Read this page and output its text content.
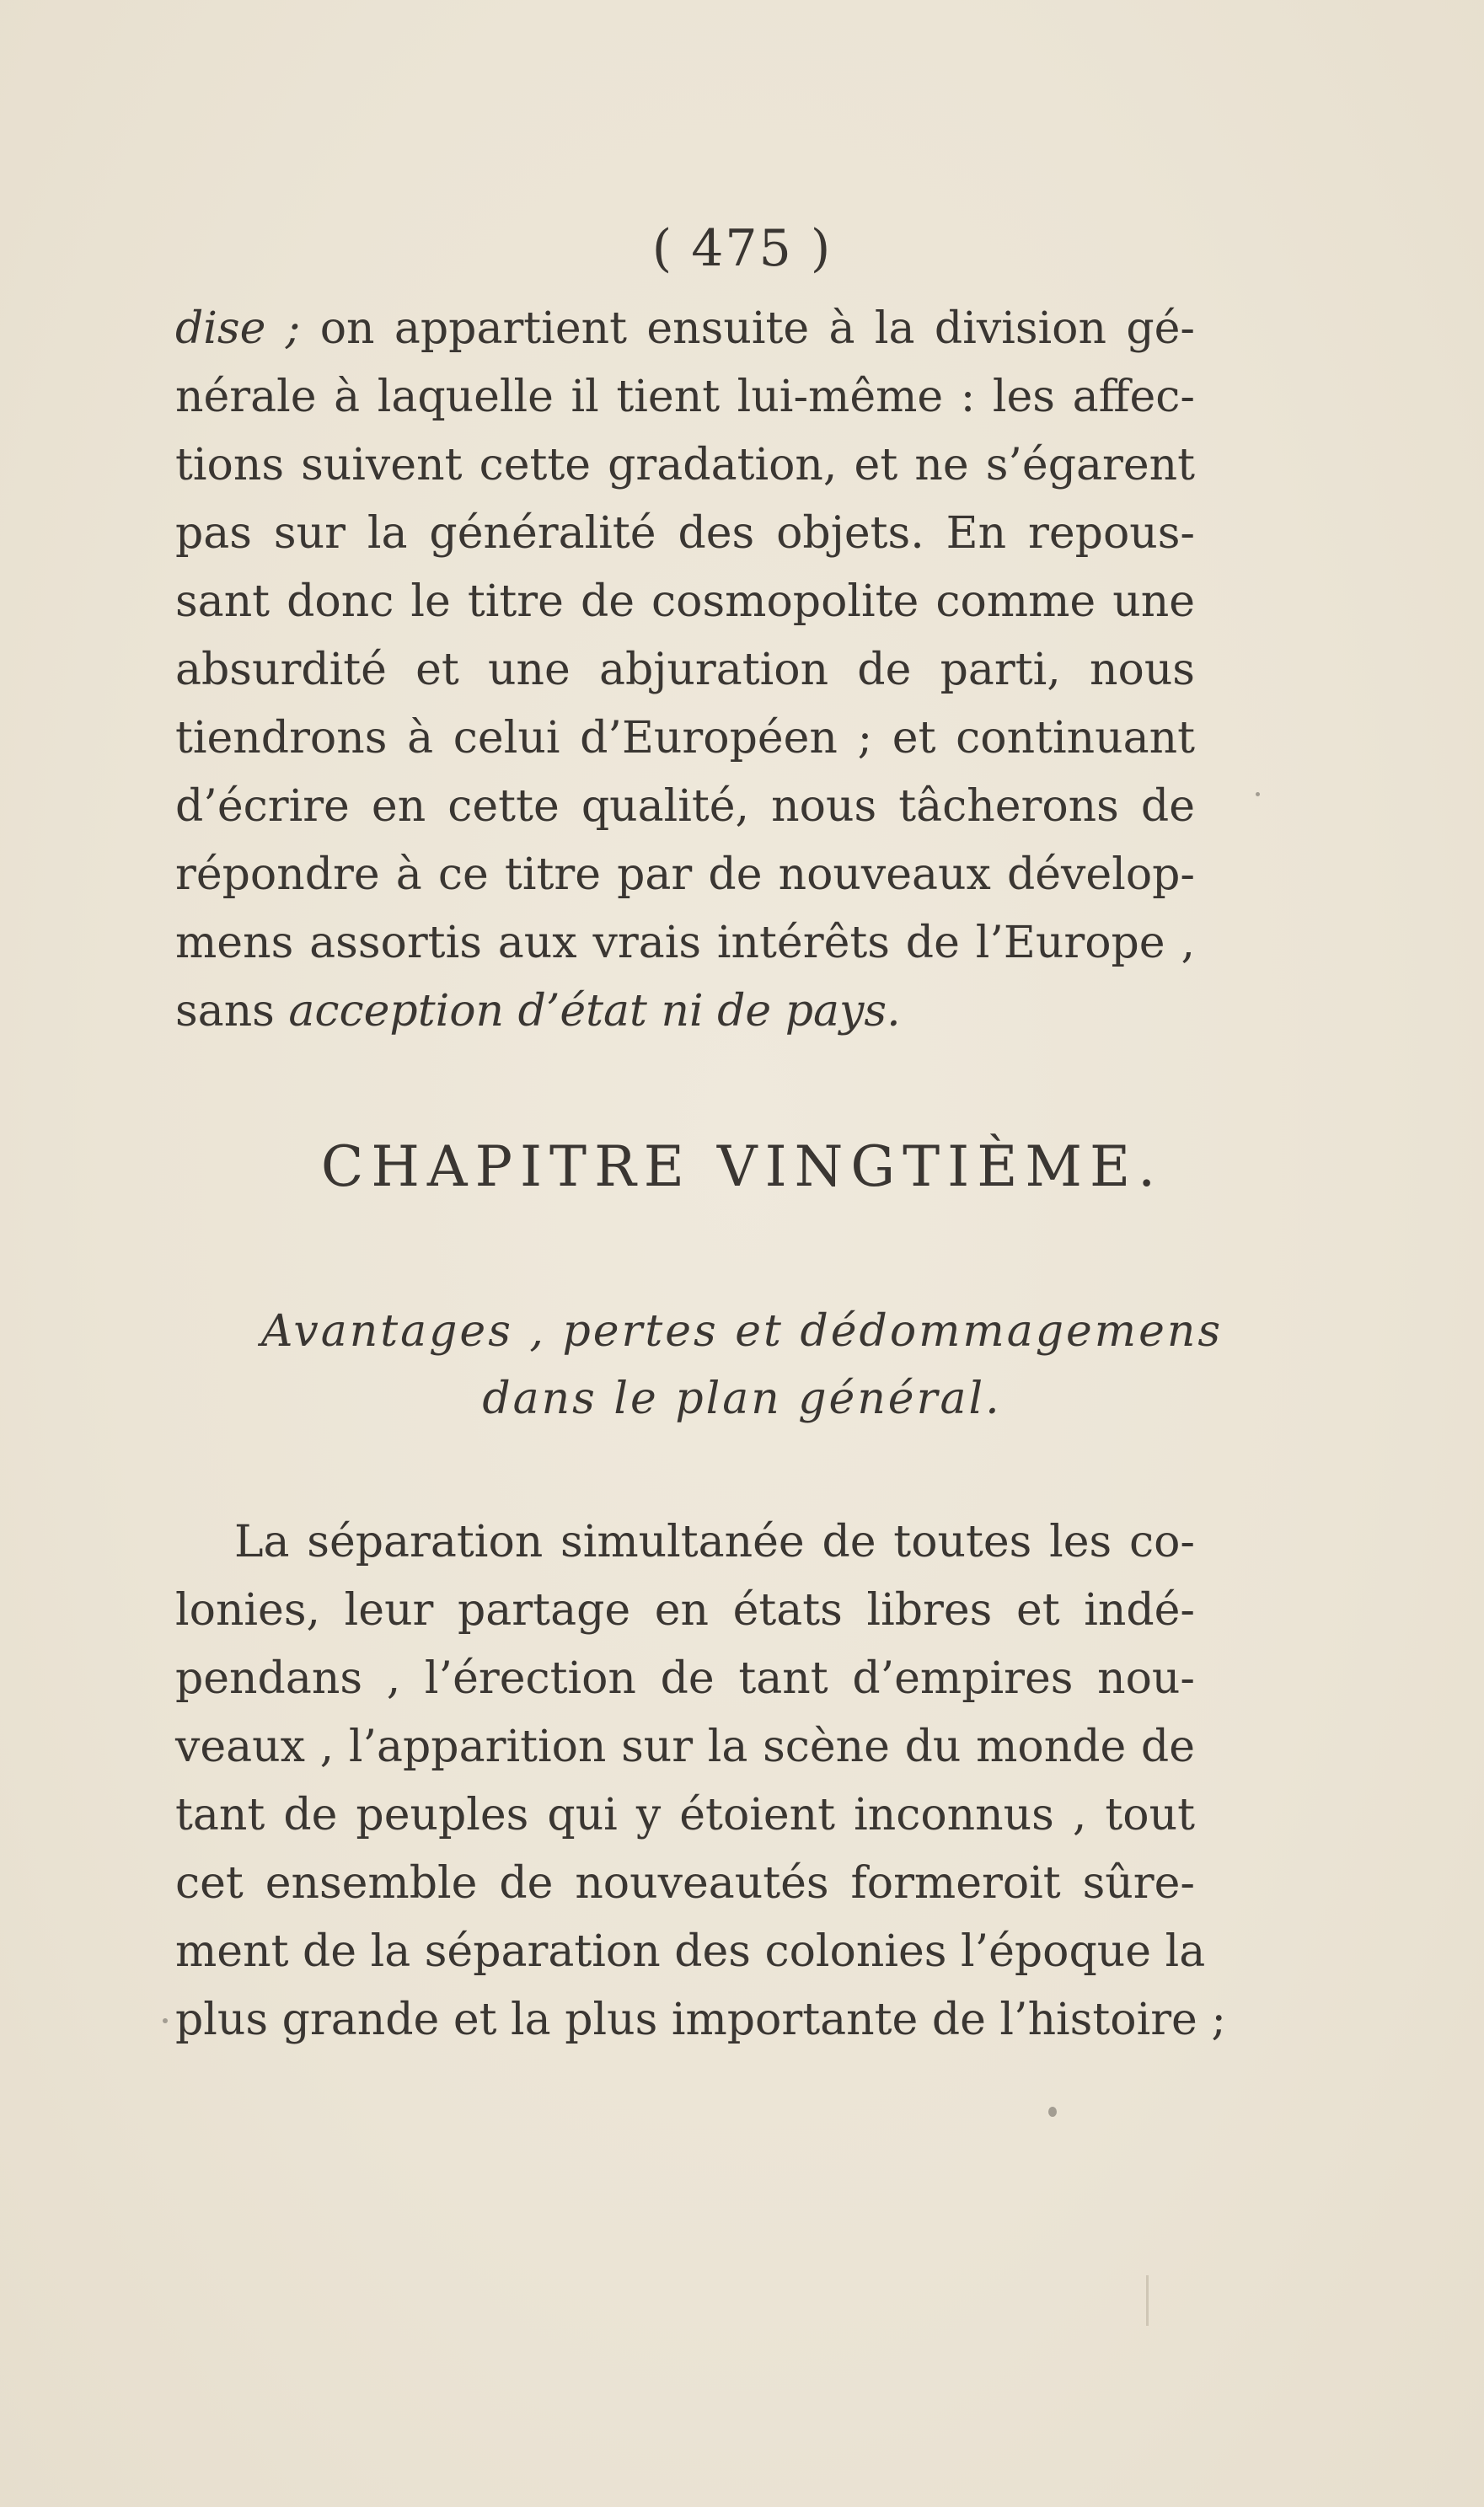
( 475 )
dise ; on appartient ensuite à la division gé-
nérale à laquelle il tient lui-même : les affec-
tions suivent cette gradation, et ne s’égarent
pas sur la généralité des objets. En repous-
sant donc le titre de cosmopolite comme une
absurdité et une abjuration de parti, nous
tiendrons à celui d’Européen ; et continuant
d’écrire en cette qualité, nous tâcherons de
répondre à ce titre par de nouveaux dévelop-
mens assortis aux vrais intérêts de l’Europe ,
sans acception d’état ni de pays.
CHAPITRE VINGTIÈME.
Avantages , pertes et dédommagemens
dans le plan général.
La séparation simultanée de toutes les co-
lonies, leur partage en états libres et indé-
pendans , l’érection de tant d’empires nou-
veaux , l’apparition sur la scène du monde de
tant de peuples qui y étoient inconnus , tout
cet ensemble de nouveautés formeroit sûre-
ment de la séparation des colonies l’époque la
plus grande et la plus importante de l’histoire ;
